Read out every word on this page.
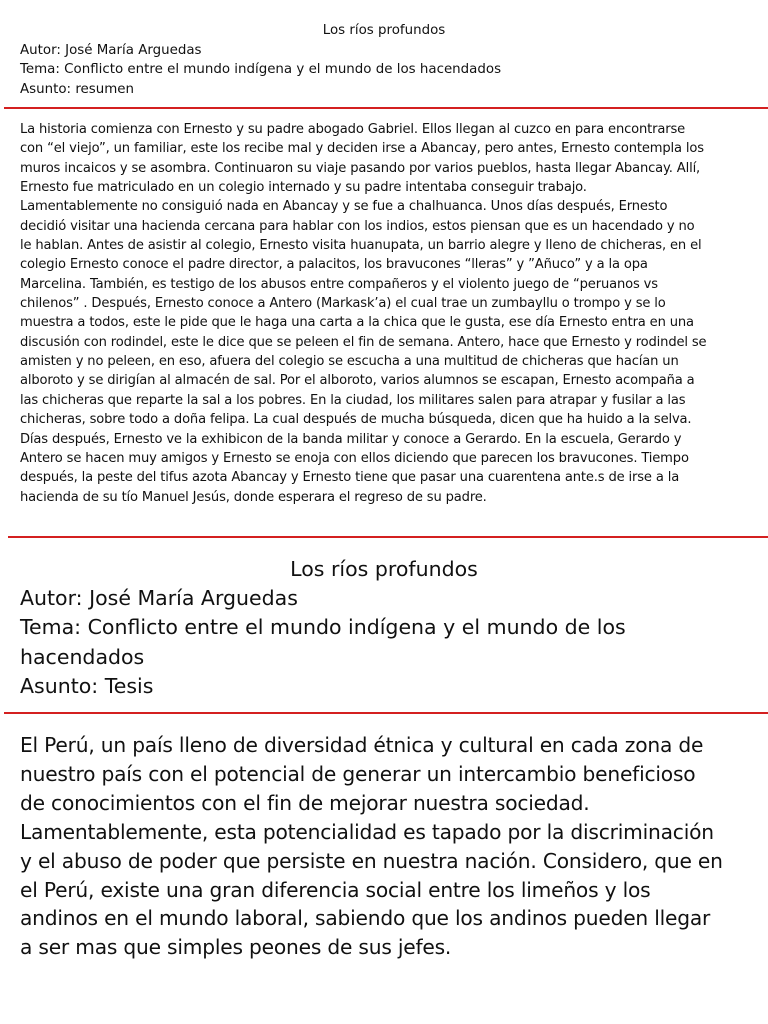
Los ríos profundos
Autor: José María Arguedas
Tema: Conflicto entre el mundo indígena y el mundo de los hacendados
Asunto: resumen
La historia comienza con Ernesto y su padre abogado Gabriel. Ellos llegan al cuzco en para encontrarse
con “el viejo”, un familiar, este los recibe mal y deciden irse a Abancay, pero antes, Ernesto contempla los
muros incaicos y se asombra. Continuaron su viaje pasando por varios pueblos, hasta llegar Abancay. Allí,
Ernesto fue matriculado en un colegio internado y su padre intentaba conseguir trabajo.
Lamentablemente no consiguió nada en Abancay y se fue a chalhuanca. Unos días después, Ernesto
decidió visitar una hacienda cercana para hablar con los indios, estos piensan que es un hacendado y no
le hablan. Antes de asistir al colegio, Ernesto visita huanupata, un barrio alegre y lleno de chicheras, en el
colegio Ernesto conoce el padre director, a palacitos, los bravucones “lleras” y ”Añuco” y a la opa
Marcelina. También, es testigo de los abusos entre compañeros y el violento juego de “peruanos vs
chilenos” . Después, Ernesto conoce a Antero (Markask’a) el cual trae un zumbayllu o trompo y se lo
muestra a todos, este le pide que le haga una carta a la chica que le gusta, ese día Ernesto entra en una
discusión con rodindel, este le dice que se peleen el fin de semana. Antero, hace que Ernesto y rodindel se
amisten y no peleen, en eso, afuera del colegio se escucha a una multitud de chicheras que hacían un
alboroto y se dirigían al almacén de sal. Por el alboroto, varios alumnos se escapan, Ernesto acompaña a
las chicheras que reparte la sal a los pobres. En la ciudad, los militares salen para atrapar y fusilar a las
chicheras, sobre todo a doña felipa. La cual después de mucha búsqueda, dicen que ha huido a la selva.
Días después, Ernesto ve la exhibicon de la banda militar y conoce a Gerardo. En la escuela, Gerardo y
Antero se hacen muy amigos y Ernesto se enoja con ellos diciendo que parecen los bravucones. Tiempo
después, la peste del tifus azota Abancay y Ernesto tiene que pasar una cuarentena ante.s de irse a la
hacienda de su tío Manuel Jesús, donde esperara el regreso de su padre.
Los ríos profundos
Autor: José María Arguedas
Tema: Conflicto entre el mundo indígena y el mundo de los
hacendados
Asunto: Tesis
El Perú, un país lleno de diversidad étnica y cultural en cada zona de
nuestro país con el potencial de generar un intercambio beneficioso
de conocimientos con el fin de mejorar nuestra sociedad.
Lamentablemente, esta potencialidad es tapado por la discriminación
y el abuso de poder que persiste en nuestra nación. Considero, que en
el Perú, existe una gran diferencia social entre los limeños y los
andinos en el mundo laboral, sabiendo que los andinos pueden llegar
a ser mas que simples peones de sus jefes.
